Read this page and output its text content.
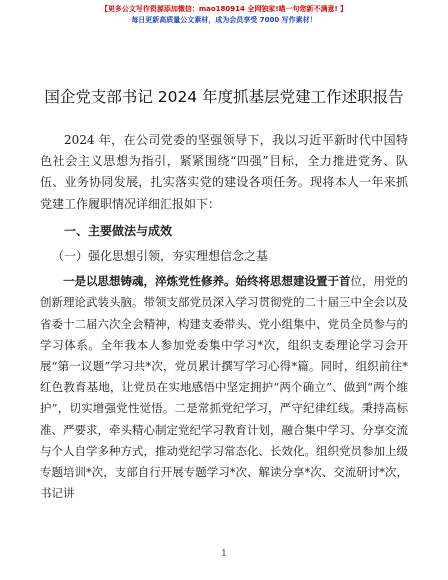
【更多公文写作资源添加微信：mao180914 全网独家!喵一句您新不满意! 】
每日更新高质量公文素材，成为会员享受 7000 写作素材！
国企党支部书记 2024 年度抓基层党建工作述职报告

2024 年，在公司党委的坚强领导下，我以习近平新时代中国特色社会主义思想为指引，紧紧围绕“四强”目标，全力推进党务、队伍、业务协同发展，扎实落实党的建设各项任务。现将本人一年来抓党建工作履职情况详细汇报如下：

一、主要做法与成效

（一）强化思想引领，夯实理想信念之基

一是以思想铸魂，淬炼党性修养。始终将思想建设置于首位，用党的创新理论武装头脑。带领支部党员深入学习贯彻党的二十届三中全会以及省委十二届六次全会精神，构建支委带头、党小组集中、党员全员参与的学习体系。全年我本人参加党委集中学习*次，组织支委理论学习会开展“第一议题”学习共*次，党员累计撰写学习心得*篇。同时，组织前往*红色教育基地，让党员在实地感悟中坚定拥护“两个确立”、做到“两个维护”，切实增强党性觉悟。二是常抓党纪学习，严守纪律红线。秉持高标准、严要求，牵头精心制定党纪学习教育计划，融合集中学习、分享交流与个人自学多种方式，推动党纪学习常态化、长效化。组织党员参加上级专题培训*次，支部自行开展专题学习*次、解读分享*次、交流研讨*次，书记讲

1
